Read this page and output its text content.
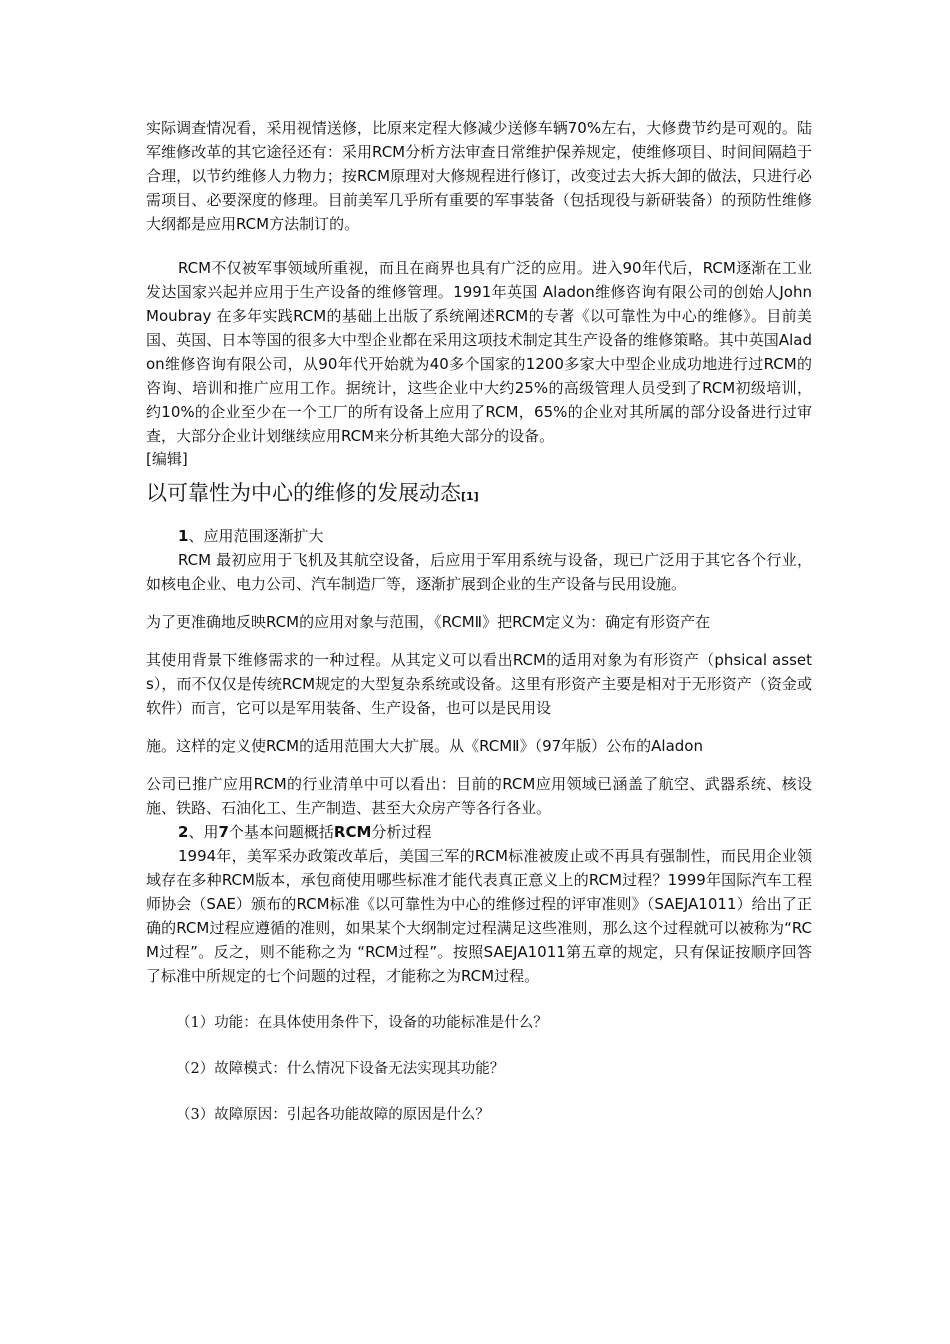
实际调查情况看，采用视情送修，比原来定程大修减少送修车辆70%左右，大修费节约是可观的。陆军维修改革的其它途径还有：采用RCM分析方法审查日常维护保养规定，使维修项目、时间间隔趋于合理，以节约维修人力物力；按RCM原理对大修规程进行修订，改变过去大拆大卸的做法，只进行必需项目、必要深度的修理。目前美军几乎所有重要的军事装备（包括现役与新研装备）的预防性维修大纲都是应用RCM方法制订的。

RCM不仅被军事领域所重视，而且在商界也具有广泛的应用。进入90年代后，RCM逐渐在工业发达国家兴起并应用于生产设备的维修管理。1991年英国 Aladon维修咨询有限公司的创始人John Moubray 在多年实践RCM的基础上出版了系统阐述RCM的专著《以可靠性为中心的维修》。目前美国、英国、日本等国的很多大中型企业都在采用这项技术制定其生产设备的维修策略。其中英国Aladon维修咨询有限公司，从90年代开始就为40多个国家的1200多家大中型企业成功地进行过RCM的咨询、培训和推广应用工作。据统计，这些企业中大约25%的高级管理人员受到了RCM初级培训，约10%的企业至少在一个工厂的所有设备上应用了RCM，65%的企业对其所属的部分设备进行过审查，大部分企业计划继续应用RCM来分析其绝大部分的设备。

[编辑]

以可靠性为中心的维修的发展动态[1]

1、应用范围逐渐扩大

RCM 最初应用于飞机及其航空设备，后应用于军用系统与设备，现已广泛用于其它各个行业，如核电企业、电力公司、汽车制造厂等，逐渐扩展到企业的生产设备与民用设施。

为了更准确地反映RCM的应用对象与范围，《RCMⅡ》把RCM定义为：确定有形资产在

其使用背景下维修需求的一种过程。从其定义可以看出RCM的适用对象为有形资产（phsical assets），而不仅仅是传统RCM规定的大型复杂系统或设备。这里有形资产主要是相对于无形资产（资金或软件）而言，它可以是军用装备、生产设备，也可以是民用设

施。这样的定义使RCM的适用范围大大扩展。从《RCMⅡ》（97年版）公布的Aladon

公司已推广应用RCM的行业清单中可以看出：目前的RCM应用领域已涵盖了航空、武器系统、核设施、铁路、石油化工、生产制造、甚至大众房产等各行各业。

2、用7个基本问题概括RCM分析过程

1994年，美军采办政策改革后，美国三军的RCM标准被废止或不再具有强制性，而民用企业领域存在多种RCM版本，承包商使用哪些标准才能代表真正意义上的RCM过程？1999年国际汽车工程师协会（SAE）颁布的RCM标准《以可靠性为中心的维修过程的评审准则》（SAEJA1011）给出了正确的RCM过程应遵循的准则，如果某个大纲制定过程满足这些准则，那么这个过程就可以被称为“RCM过程”。反之，则不能称之为 “RCM过程”。按照SAEJA1011第五章的规定，只有保证按顺序回答了标准中所规定的七个问题的过程，才能称之为RCM过程。

（1）功能：在具体使用条件下，设备的功能标准是什么？

（2）故障模式：什么情况下设备无法实现其功能？

（3）故障原因：引起各功能故障的原因是什么？
